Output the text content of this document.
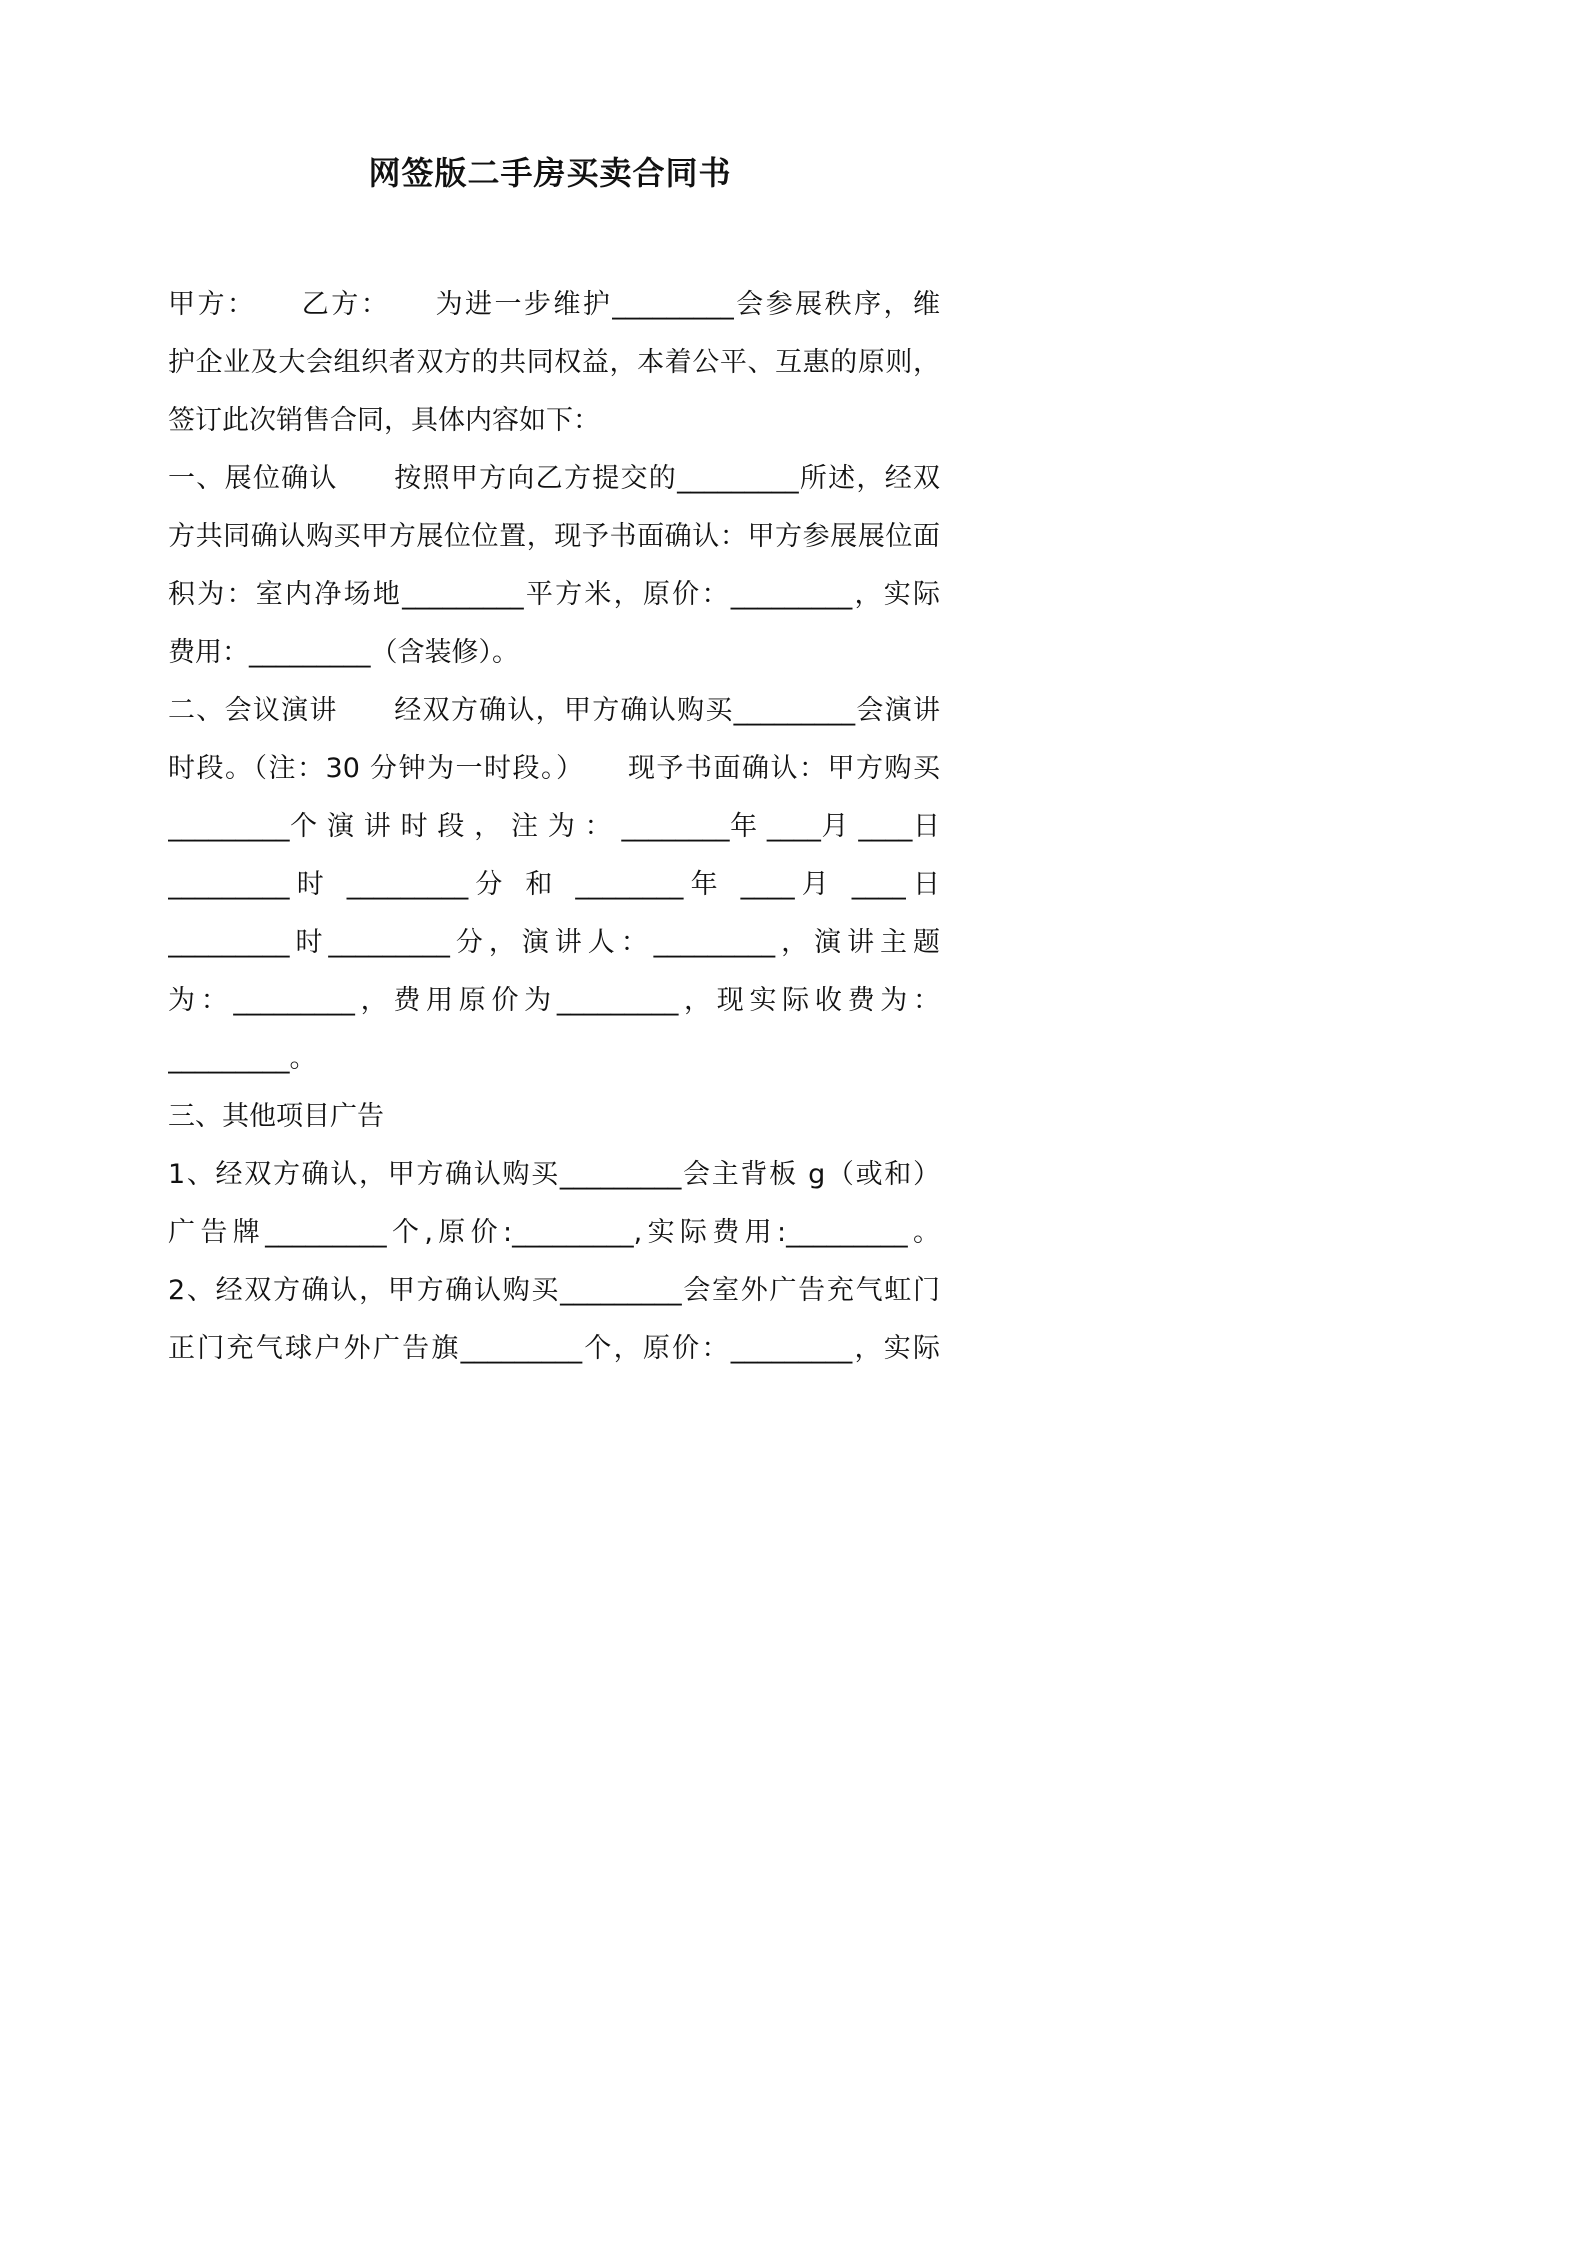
网签版二手房买卖合同书
甲方：　　乙方：　　为进一步维护_________会参展秩序，维
护企业及大会组织者双方的共同权益，本着公平、互惠的原则，
签订此次销售合同，具体内容如下：
一、展位确认　　按照甲方向乙方提交的_________所述，经双
方共同确认购买甲方展位位置，现予书面确认：甲方参展展位面
积为：室内净场地_________平方米，原价：_________，实际
费用：_________（含装修）。
二、会议演讲　　经双方确认，甲方确认购买_________会演讲
时段。（注：30 分钟为一时段。）　　现予书面确认：甲方购买
_________个 演 讲 时 段 ， 注 为 ： ________年 ____月 ____日
_________时 _________分 和 ________年 ____月 ____日
_________时_________分，演讲人：_________，演讲主题
为：_________，费用原价为_________，现实际收费为：
_________。
三、其他项目广告
1、经双方确认，甲方确认购买_________会主背板 g（或和）
广告牌_________个,原价:_________,实际费用:_________。
2、经双方确认，甲方确认购买_________会室外广告充气虹门
正门充气球户外广告旗_________个，原价：_________，实际
